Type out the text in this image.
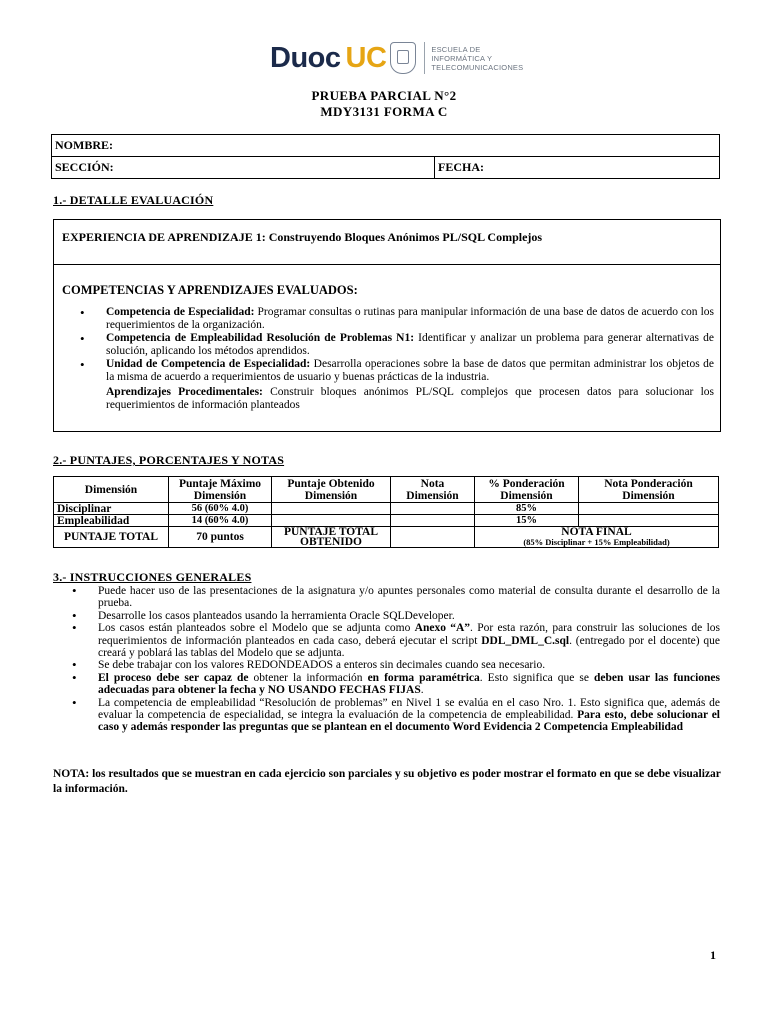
Duoc UC	ESCUELA DE
INFORMÁTICA Y
TELECOMUNICACIONES
PRUEBA PARCIAL N°2
MDY3131 FORMA C
NOMBRE:
SECCIÓN:	FECHA:
1.- DETALLE EVALUACIÓN
EXPERIENCIA DE APRENDIZAJE 1: Construyendo Bloques Anónimos PL/SQL Complejos
COMPETENCIAS Y APRENDIZAJES EVALUADOS:
• Competencia de Especialidad: Programar consultas o rutinas para manipular información de una base de datos de acuerdo con los requerimientos de la organización.
• Competencia de Empleabilidad Resolución de Problemas N1: Identificar y analizar un problema para generar alternativas de solución, aplicando los métodos aprendidos.
• Unidad de Competencia de Especialidad: Desarrolla operaciones sobre la base de datos que permitan administrar los objetos de la misma de acuerdo a requerimientos de usuario y buenas prácticas de la industria.
Aprendizajes Procedimentales: Construir bloques anónimos PL/SQL complejos que procesen datos para solucionar los requerimientos de información planteados
2.- PUNTAJES, PORCENTAJES Y NOTAS
Dimensión	Puntaje Máximo Dimensión	Puntaje Obtenido Dimensión	Nota Dimensión	% Ponderación Dimensión	Nota Ponderación Dimensión
Disciplinar	56 (60% 4.0)			85%	
Empleabilidad	14 (60% 4.0)			15%	
PUNTAJE TOTAL	70 puntos	PUNTAJE TOTAL OBTENIDO		NOTA FINAL
(85% Disciplinar + 15% Empleabilidad)	
3.- INSTRUCCIONES GENERALES
• Puede hacer uso de las presentaciones de la asignatura y/o apuntes personales como material de consulta durante el desarrollo de la prueba.
• Desarrolle los casos planteados usando la herramienta Oracle SQLDeveloper.
• Los casos están planteados sobre el Modelo que se adjunta como Anexo “A”. Por esta razón, para construir las soluciones de los requerimientos de información planteados en cada caso, deberá ejecutar el script DDL_DML_C.sql. (entregado por el docente) que creará y poblará las tablas del Modelo que se adjunta.
• Se debe trabajar con los valores REDONDEADOS a enteros sin decimales cuando sea necesario.
• El proceso debe ser capaz de obtener la información en forma paramétrica. Esto significa que se deben usar las funciones adecuadas para obtener la fecha y NO USANDO FECHAS FIJAS.
• La competencia de empleabilidad “Resolución de problemas” en Nivel 1 se evalúa en el caso Nro. 1. Esto significa que, además de evaluar la competencia de especialidad, se integra la evaluación de la competencia de empleabilidad. Para esto, debe solucionar el caso y además responder las preguntas que se plantean en el documento Word Evidencia 2 Competencia Empleabilidad
NOTA: los resultados que se muestran en cada ejercicio son parciales y su objetivo es poder mostrar el formato en que se debe visualizar la información.
1
